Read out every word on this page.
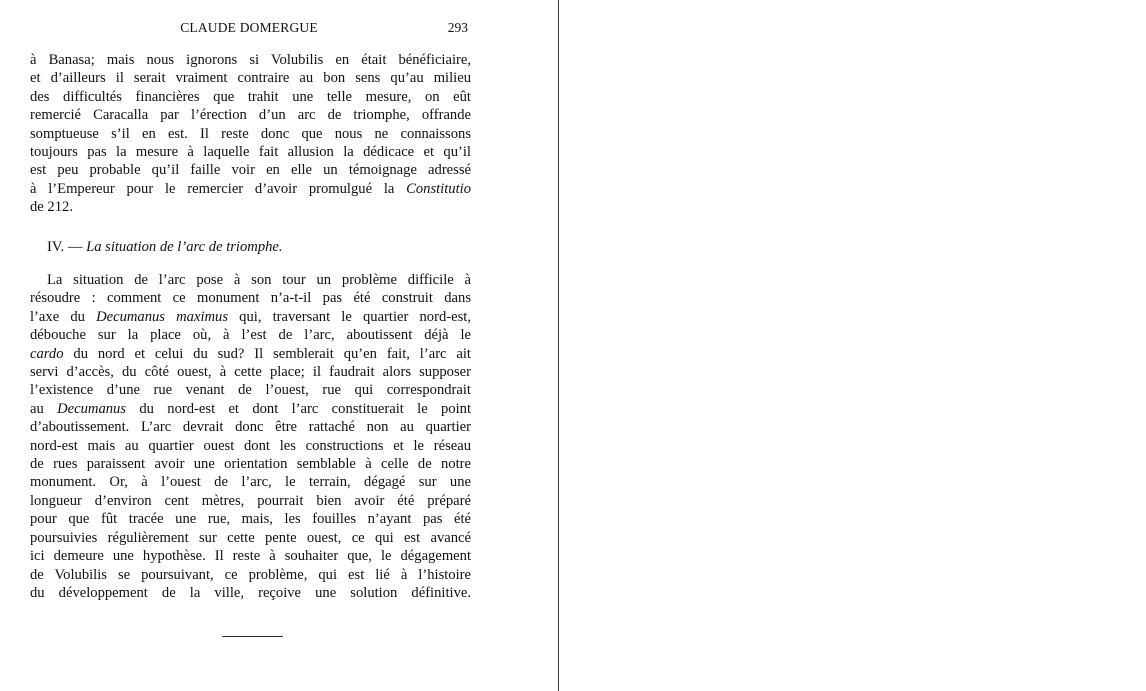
CLAUDE DOMERGUE	293
à Banasa; mais nous ignorons si Volubilis en était bénéficiaire,
et d’ailleurs il serait vraiment contraire au bon sens qu’au milieu
des difficultés financières que trahit une telle mesure, on eût
remercié Caracalla par l’érection d’un arc de triomphe, offrande
somptueuse s’il en est. Il reste donc que nous ne connaissons
toujours pas la mesure à laquelle fait allusion la dédicace et qu’il
est peu probable qu’il faille voir en elle un témoignage adressé
à l’Empereur pour le remercier d’avoir promulgué la Constitutio
de 212.
IV. — La situation de l’arc de triomphe.
La situation de l’arc pose à son tour un problème difficile à
résoudre : comment ce monument n’a-t-il pas été construit dans
l’axe du Decumanus maximus qui, traversant le quartier nord-est,
débouche sur la place où, à l’est de l’arc, aboutissent déjà le
cardo du nord et celui du sud? Il semblerait qu’en fait, l’arc ait
servi d’accès, du côté ouest, à cette place; il faudrait alors supposer
l’existence d’une rue venant de l’ouest, rue qui correspondrait
au Decumanus du nord-est et dont l’arc constituerait le point
d’aboutissement. L’arc devrait donc être rattaché non au quartier
nord-est mais au quartier ouest dont les constructions et le réseau
de rues paraissent avoir une orientation semblable à celle de notre
monument. Or, à l’ouest de l’arc, le terrain, dégagé sur une
longueur d’environ cent mètres, pourrait bien avoir été préparé
pour que fût tracée une rue, mais, les fouilles n’ayant pas été
poursuivies régulièrement sur cette pente ouest, ce qui est avancé
ici demeure une hypothèse. Il reste à souhaiter que, le dégagement
de Volubilis se poursuivant, ce problème, qui est lié à l’histoire
du développement de la ville, reçoive une solution définitive.
